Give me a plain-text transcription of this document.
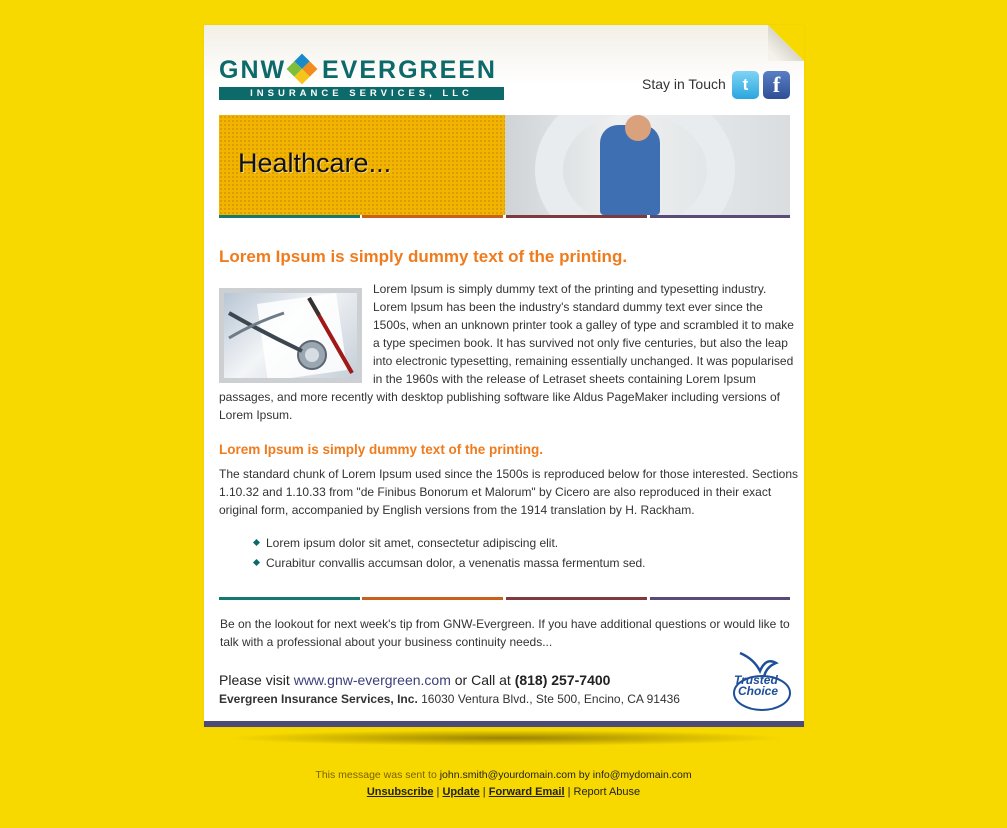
GNW EVERGREEN
INSURANCE SERVICES, LLC
Stay in Touch t	f
Healthcare...
Lorem Ipsum is simply dummy text of the printing.
Lorem Ipsum is simply dummy text of the printing and typesetting industry. Lorem Ipsum has been the industry's standard dummy text ever since the 1500s, when an unknown printer took a galley of type and scrambled it to make a type specimen book. It has survived not only five centuries, but also the leap into electronic typesetting, remaining essentially unchanged. It was popularised in the 1960s with the release of Letraset sheets containing Lorem Ipsum passages, and more recently with desktop publishing software like Aldus PageMaker including versions of Lorem Ipsum.
Lorem Ipsum is simply dummy text of the printing.
The standard chunk of Lorem Ipsum used since the 1500s is reproduced below for those interested. Sections 1.10.32 and 1.10.33 from "de Finibus Bonorum et Malorum" by Cicero are also reproduced in their exact original form, accompanied by English versions from the 1914 translation by H. Rackham.
Lorem ipsum dolor sit amet, consectetur adipiscing elit.
Curabitur convallis accumsan dolor, a venenatis massa fermentum sed.
Be on the lookout for next week's tip from GNW-Evergreen. If you have additional questions or would like to talk with a professional about your business continuity needs...
Please visit www.gnw-evergreen.com or Call at (818) 257-7400
Evergreen Insurance Services, Inc. 16030 Ventura Blvd., Ste 500, Encino, CA 91436
Trusted
Choice
This message was sent to john.smith@yourdomain.com by info@mydomain.com
Unsubscribe | Update | Forward Email | Report Abuse
